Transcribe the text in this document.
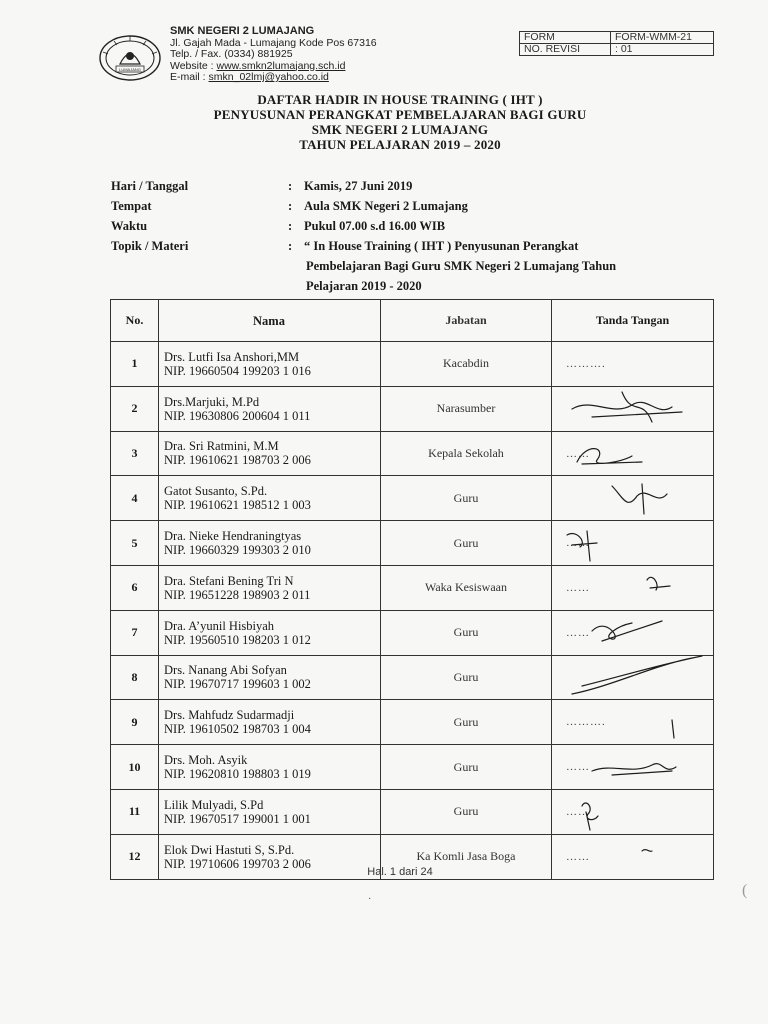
LUMAJANG
SMK NEGERI 2 LUMAJANG
Jl. Gajah Mada - Lumajang Kode Pos 67316
Telp. / Fax. (0334) 881925
Website : www.smkn2lumajang.sch.id
E-mail : smkn_02lmj@yahoo.co.id
FORM	FORM-WMM-21
NO. REVISI	: 01
DAFTAR HADIR IN HOUSE TRAINING ( IHT )
PENYUSUNAN PERANGKAT PEMBELAJARAN BAGI GURU
SMK NEGERI 2 LUMAJANG
TAHUN PELAJARAN 2019 – 2020
Hari / Tanggal	: Kamis, 27 Juni 2019
Tempat	: Aula SMK Negeri 2 Lumajang
Waktu	: Pukul 07.00 s.d 16.00 WIB
Topik / Materi	: “ In House Training ( IHT ) Penyusunan Perangkat
Pembelajaran Bagi Guru SMK Negeri 2 Lumajang Tahun
Pelajaran 2019 - 2020
No.	Nama	Jabatan	Tanda Tangan
1	Drs. Lutfi Isa Anshori,MM
NIP. 19660504 199203 1 016	Kacabdin	……….

2	Drs.Marjuki, M.Pd
NIP. 19630806 200604 1 011	Narasumber	

3	Dra. Sri Ratmini, M.M
NIP. 19610621 198703 2 006	Kepala Sekolah	……

4	Gatot Susanto, S.Pd.
NIP. 19610621 198512 1 003	Guru	

5	Dra. Nieke Hendraningtyas
NIP. 19660329 199303 2 010	Guru	……

6	Dra. Stefani Bening Tri N
NIP. 19651228 198903 2 011	Waka Kesiswaan	……

7	Dra. A’yunil Hisbiyah
NIP. 19560510 198203 1 012	Guru	……

8	Drs. Nanang Abi Sofyan
NIP. 19670717 199603 1 002	Guru	

9	Drs. Mahfudz Sudarmadji
NIP. 19610502 198703 1 004	Guru	……….

10	Drs. Moh. Asyik
NIP. 19620810 198803 1 019	Guru	……

11	Lilik Mulyadi, S.Pd
NIP. 19670517 199001 1 001	Guru	……

12	Elok Dwi Hastuti S, S.Pd.
NIP. 19710606 199703 2 006	Ka Komli Jasa Boga	……
Hal. 1 dari 24
·
(
